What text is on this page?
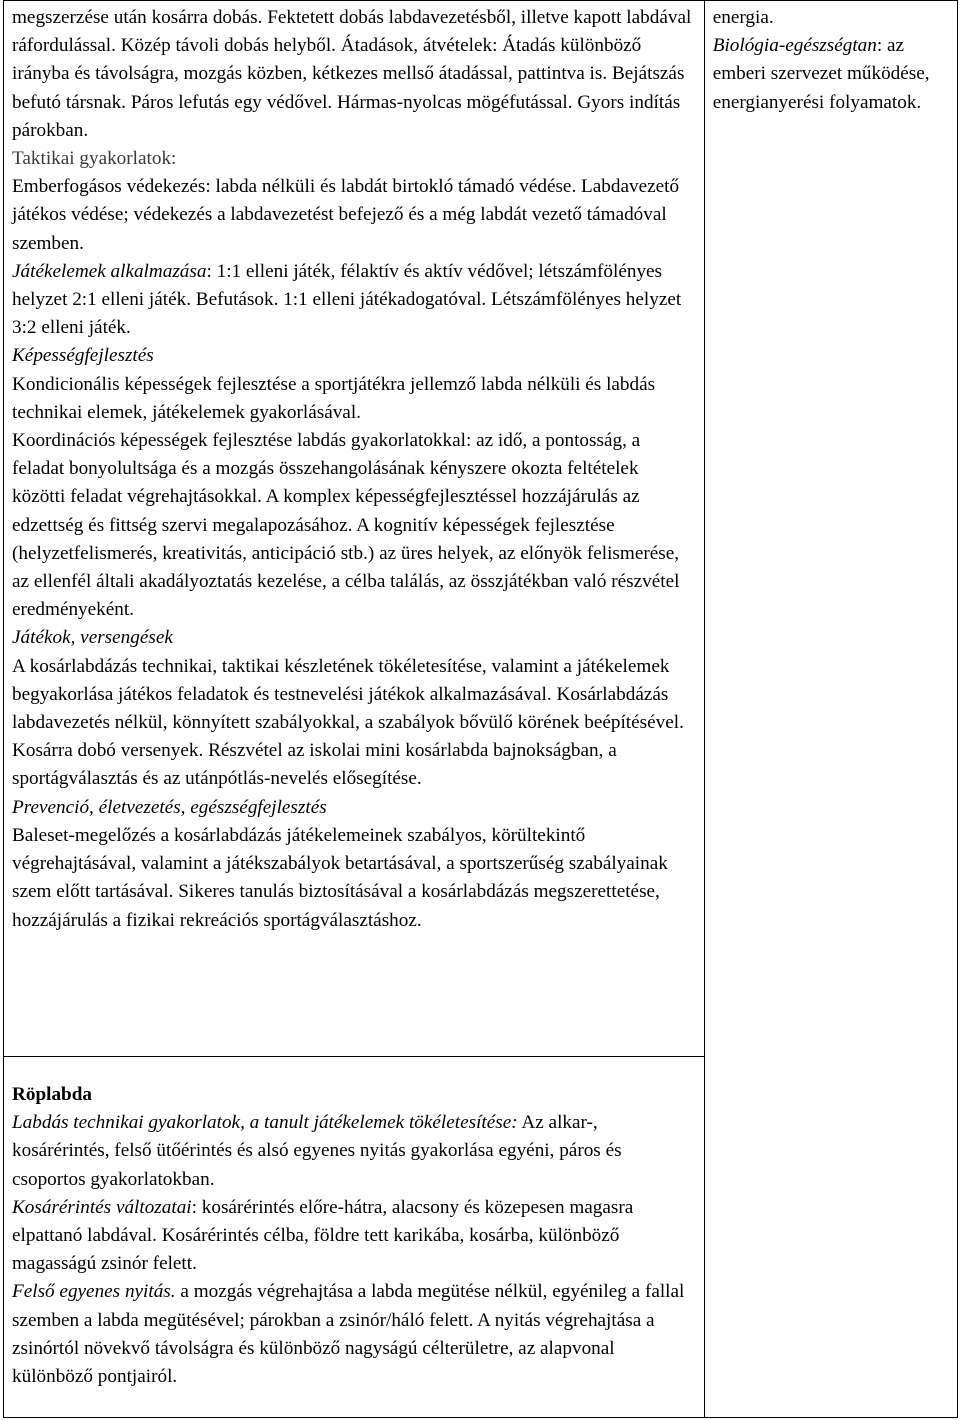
megszerzése után kosárra dobás. Fektetett dobás labdavezetésből, illetve kapott labdával ráfordulással. Közép távoli dobás helyből. Átadások, átvételek: Átadás különböző irányba és távolságra, mozgás közben, kétkezes mellső átadással, pattintva is. Bejátszás befutó társnak. Páros lefutás egy védővel. Hármas-nyolcas mögéfutással. Gyors indítás párokban.

Taktikai gyakorlatok:

Emberfogásos védekezés: labda nélküli és labdát birtokló támadó védése. Labdavezető játékos védése; védekezés a labdavezetést befejező és a még labdát vezető támadóval szemben.

Játékelemek alkalmazása: 1:1 elleni játék, félaktív és aktív védővel; létszámfölényes helyzet 2:1 elleni játék. Befutások. 1:1 elleni játékadogatóval. Létszámfölényes helyzet 3:2 elleni játék.

Képességfejlesztés

Kondicionális képességek fejlesztése a sportjátékra jellemző labda nélküli és labdás technikai elemek, játékelemek gyakorlásával.

Koordinációs képességek fejlesztése labdás gyakorlatokkal: az idő, a pontosság, a feladat bonyolultsága és a mozgás összehangolásának kényszere okozta feltételek közötti feladat végrehajtásokkal. A komplex képességfejlesztéssel hozzájárulás az edzettség és fittség szervi megalapozásához. A kognitív képességek fejlesztése (helyzetfelismerés, kreativitás, anticipáció stb.) az üres helyek, az előnyök felismerése, az ellenfél általi akadályoztatás kezelése, a célba találás, az összjátékban való részvétel eredményeként.

Játékok, versengések

A kosárlabdázás technikai, taktikai készletének tökéletesítése, valamint a játékelemek begyakorlása játékos feladatok és testnevelési játékok alkalmazásával. Kosárlabdázás labdavezetés nélkül, könnyített szabályokkal, a szabályok bővülő körének beépítésével. Kosárra dobó versenyek. Részvétel az iskolai mini kosárlabda bajnokságban, a sportágválasztás és az utánpótlás-nevelés elősegítése.

Prevenció, életvezetés, egészségfejlesztés

Baleset-megelőzés a kosárlabdázás játékelemeinek szabályos, körültekintő végrehajtásával, valamint a játékszabályok betartásával, a sportszerűség szabályainak szem előtt tartásával. Sikeres tanulás biztosításával a kosárlabdázás megszerettetése, hozzájárulás a fizikai rekreációs sportágválasztáshoz.

energia.

Biológia-egészségtan: az emberi szervezet működése, energianyerési folyamatok.

Röplabda

Labdás technikai gyakorlatok, a tanult játékelemek tökéletesítése: Az alkar-, kosárérintés, felső ütőérintés és alsó egyenes nyitás gyakorlása egyéni, páros és csoportos gyakorlatokban.

Kosárérintés változatai: kosárérintés előre-hátra, alacsony és közepesen magasra elpattanó labdával. Kosárérintés célba, földre tett karikába, kosárba, különböző magasságú zsinór felett.

Felső egyenes nyitás. a mozgás végrehajtása a labda megütése nélkül, egyénileg a fallal szemben a labda megütésével; párokban a zsinór/háló felett. A nyitás végrehajtása a zsinórtól növekvő távolságra és különböző nagyságú célterületre, az alapvonal különböző pontjairól.
